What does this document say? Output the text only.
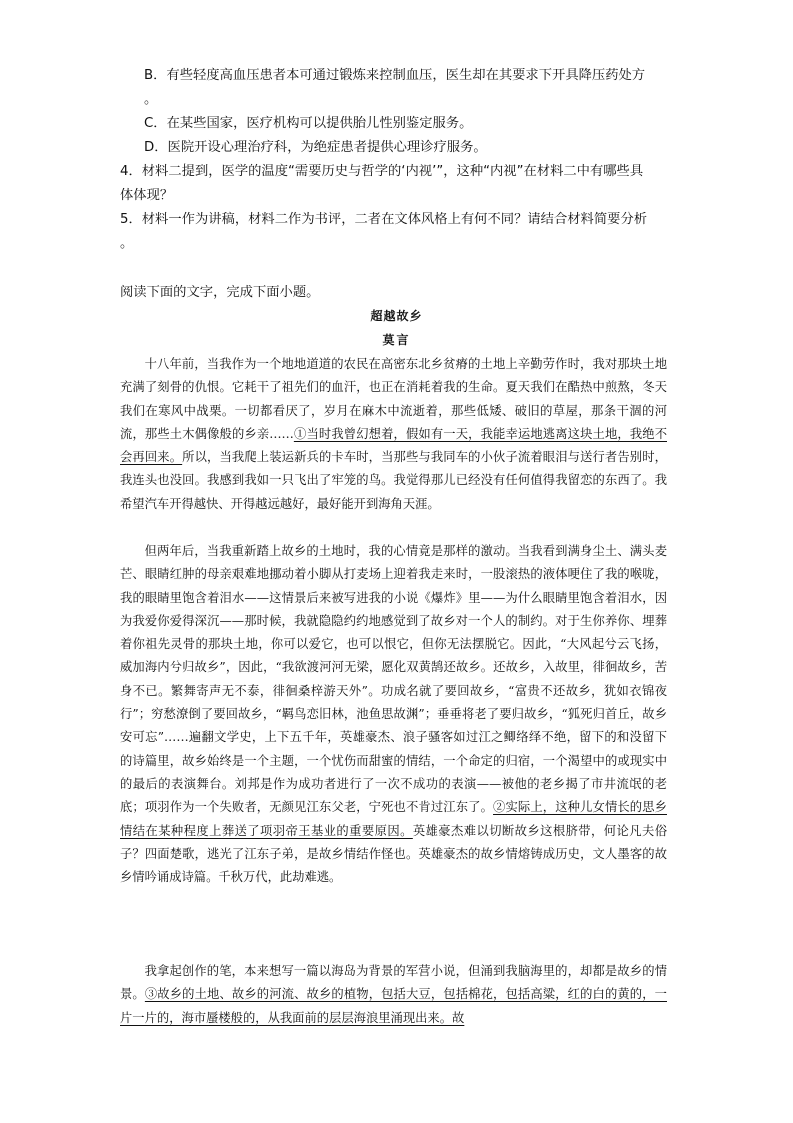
B．有些轻度高血压患者本可通过锻炼来控制血压，医生却在其要求下开具降压药处方
。
C．在某些国家，医疗机构可以提供胎儿性别鉴定服务。
D．医院开设心理治疗科，为绝症患者提供心理诊疗服务。
4．材料二提到，医学的温度“需要历史与哲学的‘内视’”，这种“内视”在材料二中有哪些具
体体现？
5．材料一作为讲稿，材料二作为书评，二者在文体风格上有何不同？请结合材料简要分析
。
阅读下面的文字，完成下面小题。
超越故乡
莫言

十八年前，当我作为一个地地道道的农民在高密东北乡贫瘠的土地上辛勤劳作时，我对那块土地充满了刻骨的仇恨。它耗干了祖先们的血汗，也正在消耗着我的生命。夏天我们在酷热中煎熬，冬天我们在寒风中战栗。一切都看厌了，岁月在麻木中流逝着，那些低矮、破旧的草屋，那条干涸的河流，那些土木偶像般的乡亲……①当时我曾幻想着，假如有一天，我能幸运地逃离这块土地，我绝不会再回来。所以，当我爬上装运新兵的卡车时，当那些与我同车的小伙子流着眼泪与送行者告别时，我连头也没回。我感到我如一只飞出了牢笼的鸟。我觉得那儿已经没有任何值得我留恋的东西了。我希望汽车开得越快、开得越远越好，最好能开到海角天涯。

但两年后，当我重新踏上故乡的土地时，我的心情竟是那样的激动。当我看到满身尘土、满头麦芒、眼睛红肿的母亲艰难地挪动着小脚从打麦场上迎着我走来时，一股滚热的液体哽住了我的喉咙，我的眼睛里饱含着泪水——这情景后来被写进我的小说《爆炸》里——为什么眼睛里饱含着泪水，因为我爱你爱得深沉——那时候，我就隐隐约约地感觉到了故乡对一个人的制约。对于生你养你、埋葬着你祖先灵骨的那块土地，你可以爱它，也可以恨它，但你无法摆脱它。因此，“大风起兮云飞扬，威加海内兮归故乡”，因此，“我欲渡河河无梁，愿化双黄鹄还故乡。还故乡，入故里，徘徊故乡，苦身不已。繁舞寄声无不泰，徘徊桑梓游天外”。功成名就了要回故乡，“富贵不还故乡，犹如衣锦夜行”；穷愁潦倒了要回故乡，“羁鸟恋旧林，池鱼思故渊”；垂垂将老了要归故乡，“狐死归首丘，故乡安可忘”……遍翻文学史，上下五千年，英雄豪杰、浪子骚客如过江之鲫络绎不绝，留下的和没留下的诗篇里，故乡始终是一个主题，一个忧伤而甜蜜的情结，一个命定的归宿，一个渴望中的或现实中的最后的表演舞台。刘邦是作为成功者进行了一次不成功的表演——被他的老乡揭了市井流氓的老底；项羽作为一个失败者，无颜见江东父老，宁死也不肯过江东了。②实际上，这种儿女情长的思乡情结在某种程度上葬送了项羽帝王基业的重要原因。英雄豪杰难以切断故乡这根脐带，何论凡夫俗子？四面楚歌，逃光了江东子弟，是故乡情结作怪也。英雄豪杰的故乡情熔铸成历史，文人墨客的故乡情吟诵成诗篇。千秋万代，此劫难逃。

我拿起创作的笔，本来想写一篇以海岛为背景的军营小说，但涌到我脑海里的，却都是故乡的情景。③故乡的土地、故乡的河流、故乡的植物，包括大豆，包括棉花，包括高粱，红的白的黄的，一片一片的，海市蜃楼般的，从我面前的层层海浪里涌现出来。故
